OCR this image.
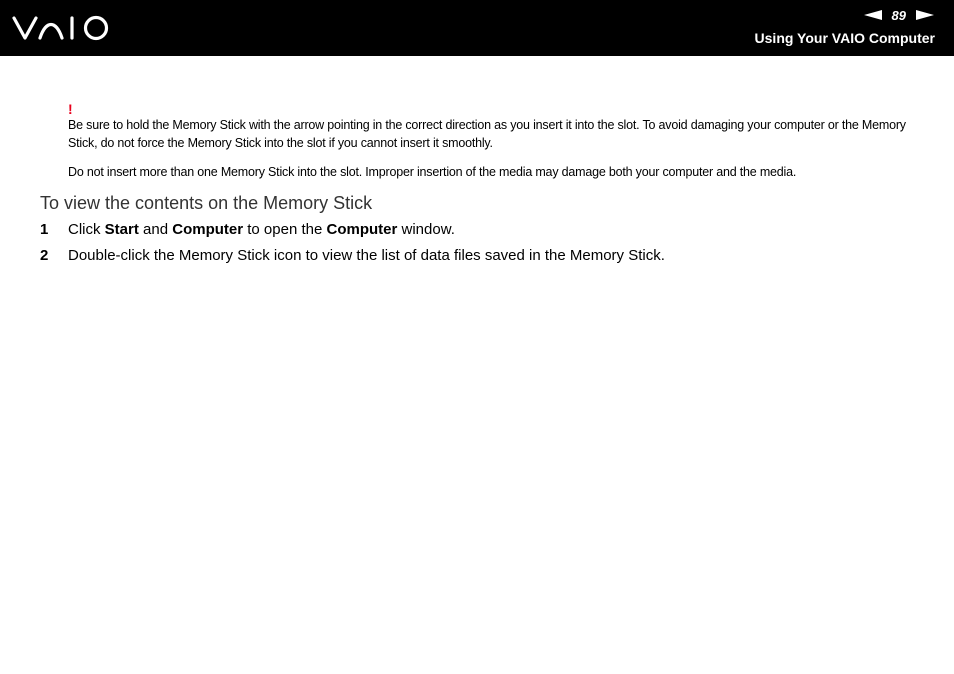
89
Using Your VAIO Computer
!

Be sure to hold the Memory Stick with the arrow pointing in the correct direction as you insert it into the slot. To avoid damaging your computer or the Memory Stick, do not force the Memory Stick into the slot if you cannot insert it smoothly.

Do not insert more than one Memory Stick into the slot. Improper insertion of the media may damage both your computer and the media.

To view the contents on the Memory Stick
1	Click Start and Computer to open the Computer window.
2	Double-click the Memory Stick icon to view the list of data files saved in the Memory Stick.
